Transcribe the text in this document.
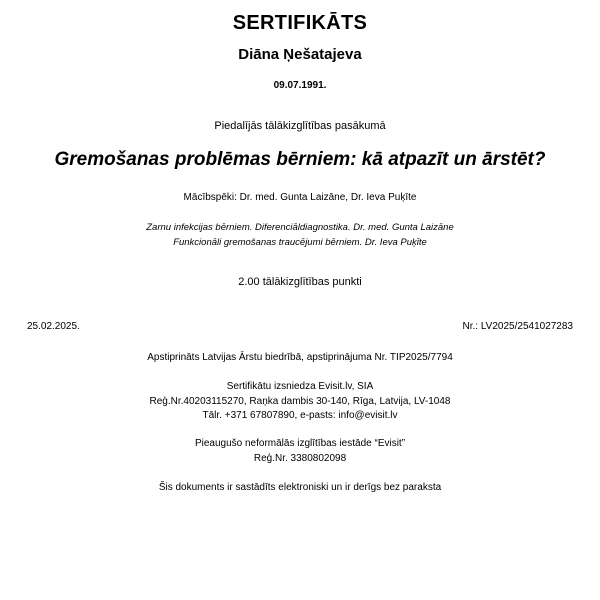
SERTIFIKĀTS
Diāna Ņešatajeva
09.07.1991.
Piedalījās tālākizglītības pasākumā
Gremošanas problēmas bērniem: kā atpazīt un ārstēt?
Mācībspēki: Dr. med. Gunta Laizāne, Dr. Ieva Puķīte
Zarnu infekcijas bērniem. Diferenciāldiagnostika. Dr. med. Gunta Laizāne
Funkcionāli gremošanas traucējumi bērniem. Dr. Ieva Puķīte
2.00 tālākizglītības punkti
25.02.2025.	Nr.: LV2025/2541027283
Apstiprināts Latvijas Ārstu biedrībā, apstiprinājuma Nr. TIP2025/7794
Sertifikātu izsniedza Evisit.lv, SIA
Reģ.Nr.40203115270, Raņka dambis 30-140, Rīga, Latvija, LV-1048
Tālr. +371 67807890, e-pasts: info@evisit.lv
Pieaugušo neformālās izglītības iestāde “Evisit”
Reģ.Nr. 3380802098
Šis dokuments ir sastādīts elektroniski un ir derīgs bez paraksta
